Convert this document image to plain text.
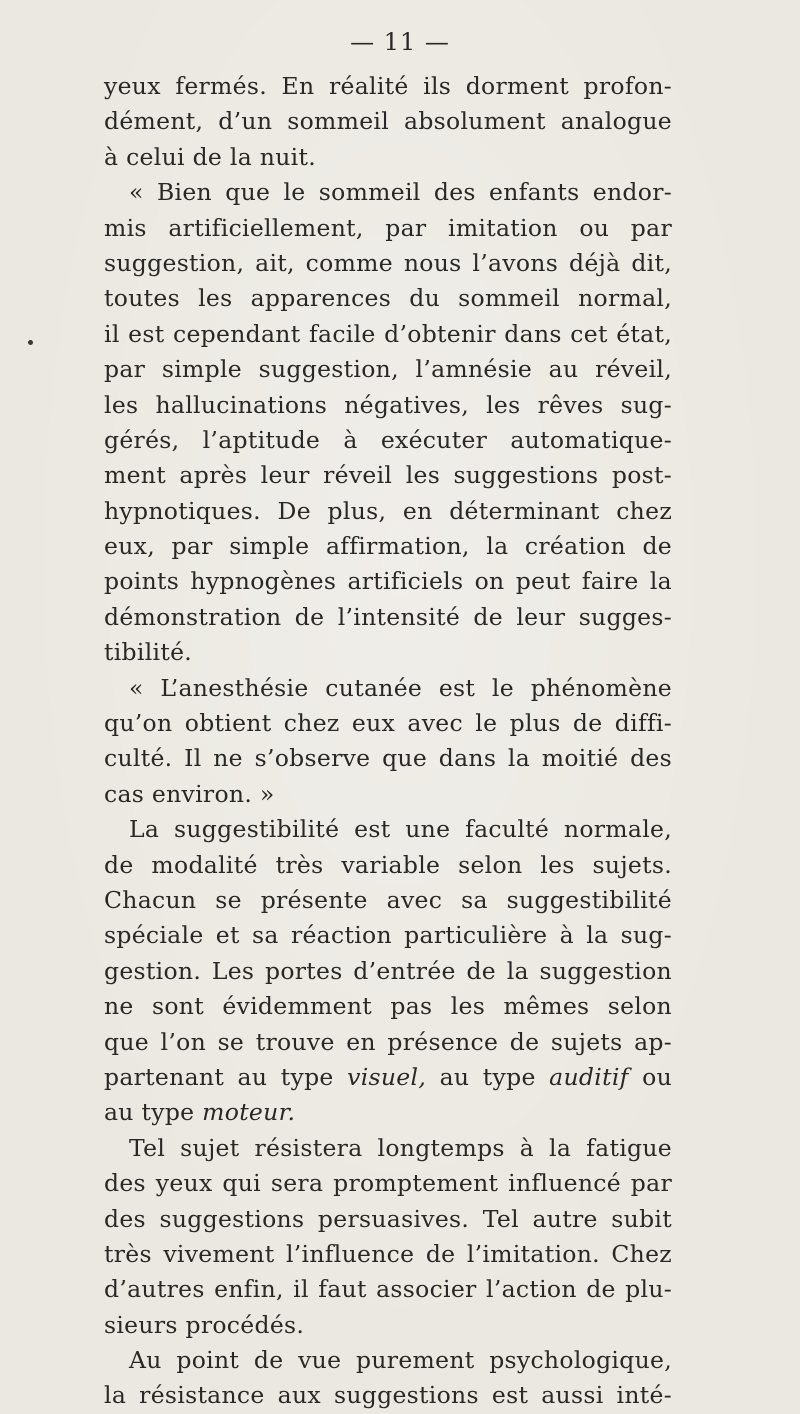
— 11 —
yeux fermés. En réalité ils dorment profon-
dément, d’un sommeil absolument analogue
à celui de la nuit.
« Bien que le sommeil des enfants endor-
mis artificiellement, par imitation ou par
suggestion, ait, comme nous l’avons déjà dit,
toutes les apparences du sommeil normal,
il est cependant facile d’obtenir dans cet état,
par simple suggestion, l’amnésie au réveil,
les hallucinations négatives, les rêves sug-
gérés, l’aptitude à exécuter automatique-
ment après leur réveil les suggestions post-
hypnotiques. De plus, en déterminant chez
eux, par simple affirmation, la création de
points hypnogènes artificiels on peut faire la
démonstration de l’intensité de leur sugges-
tibilité.
« L’anesthésie cutanée est le phénomène
qu’on obtient chez eux avec le plus de diffi-
culté. Il ne s’observe que dans la moitié des
cas environ. »
La suggestibilité est une faculté normale,
de modalité très variable selon les sujets.
Chacun se présente avec sa suggestibilité
spéciale et sa réaction particulière à la sug-
gestion. Les portes d’entrée de la suggestion
ne sont évidemment pas les mêmes selon
que l’on se trouve en présence de sujets ap-
partenant au type visuel, au type auditif ou
au type moteur.
Tel sujet résistera longtemps à la fatigue
des yeux qui sera promptement influencé par
des suggestions persuasives. Tel autre subit
très vivement l’influence de l’imitation. Chez
d’autres enfin, il faut associer l’action de plu-
sieurs procédés.
Au point de vue purement psychologique,
la résistance aux suggestions est aussi inté-
